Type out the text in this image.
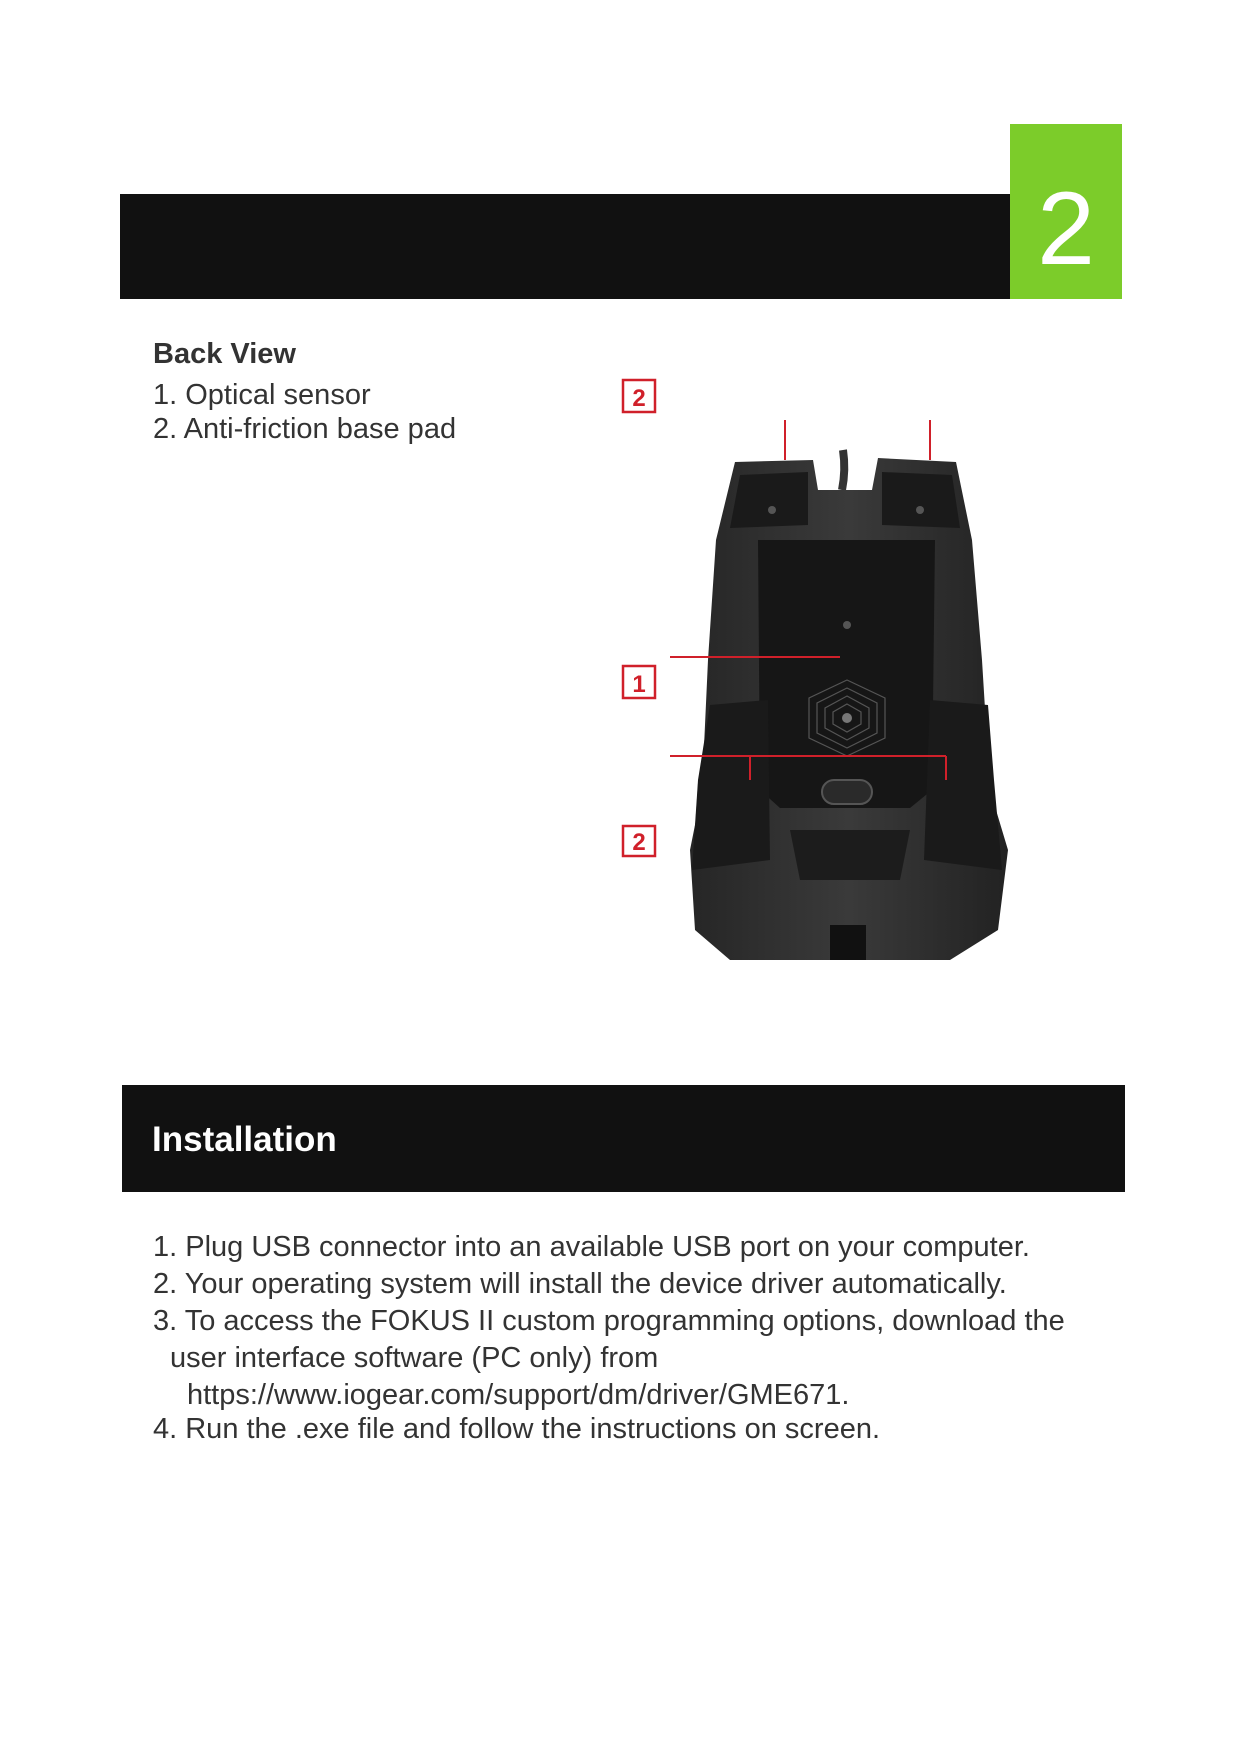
2
Back View
1. Optical sensor
2. Anti-friction base pad
2
1
2
Installation

1. Plug USB connector into an available USB port on your computer.

2. Your operating system will install the device driver automatically.

3. To access the FOKUS II custom programming options, download the

user interface software (PC only) from

https://www.iogear.com/support/dm/driver/GME671.

4. Run the .exe file and follow the instructions on screen.
